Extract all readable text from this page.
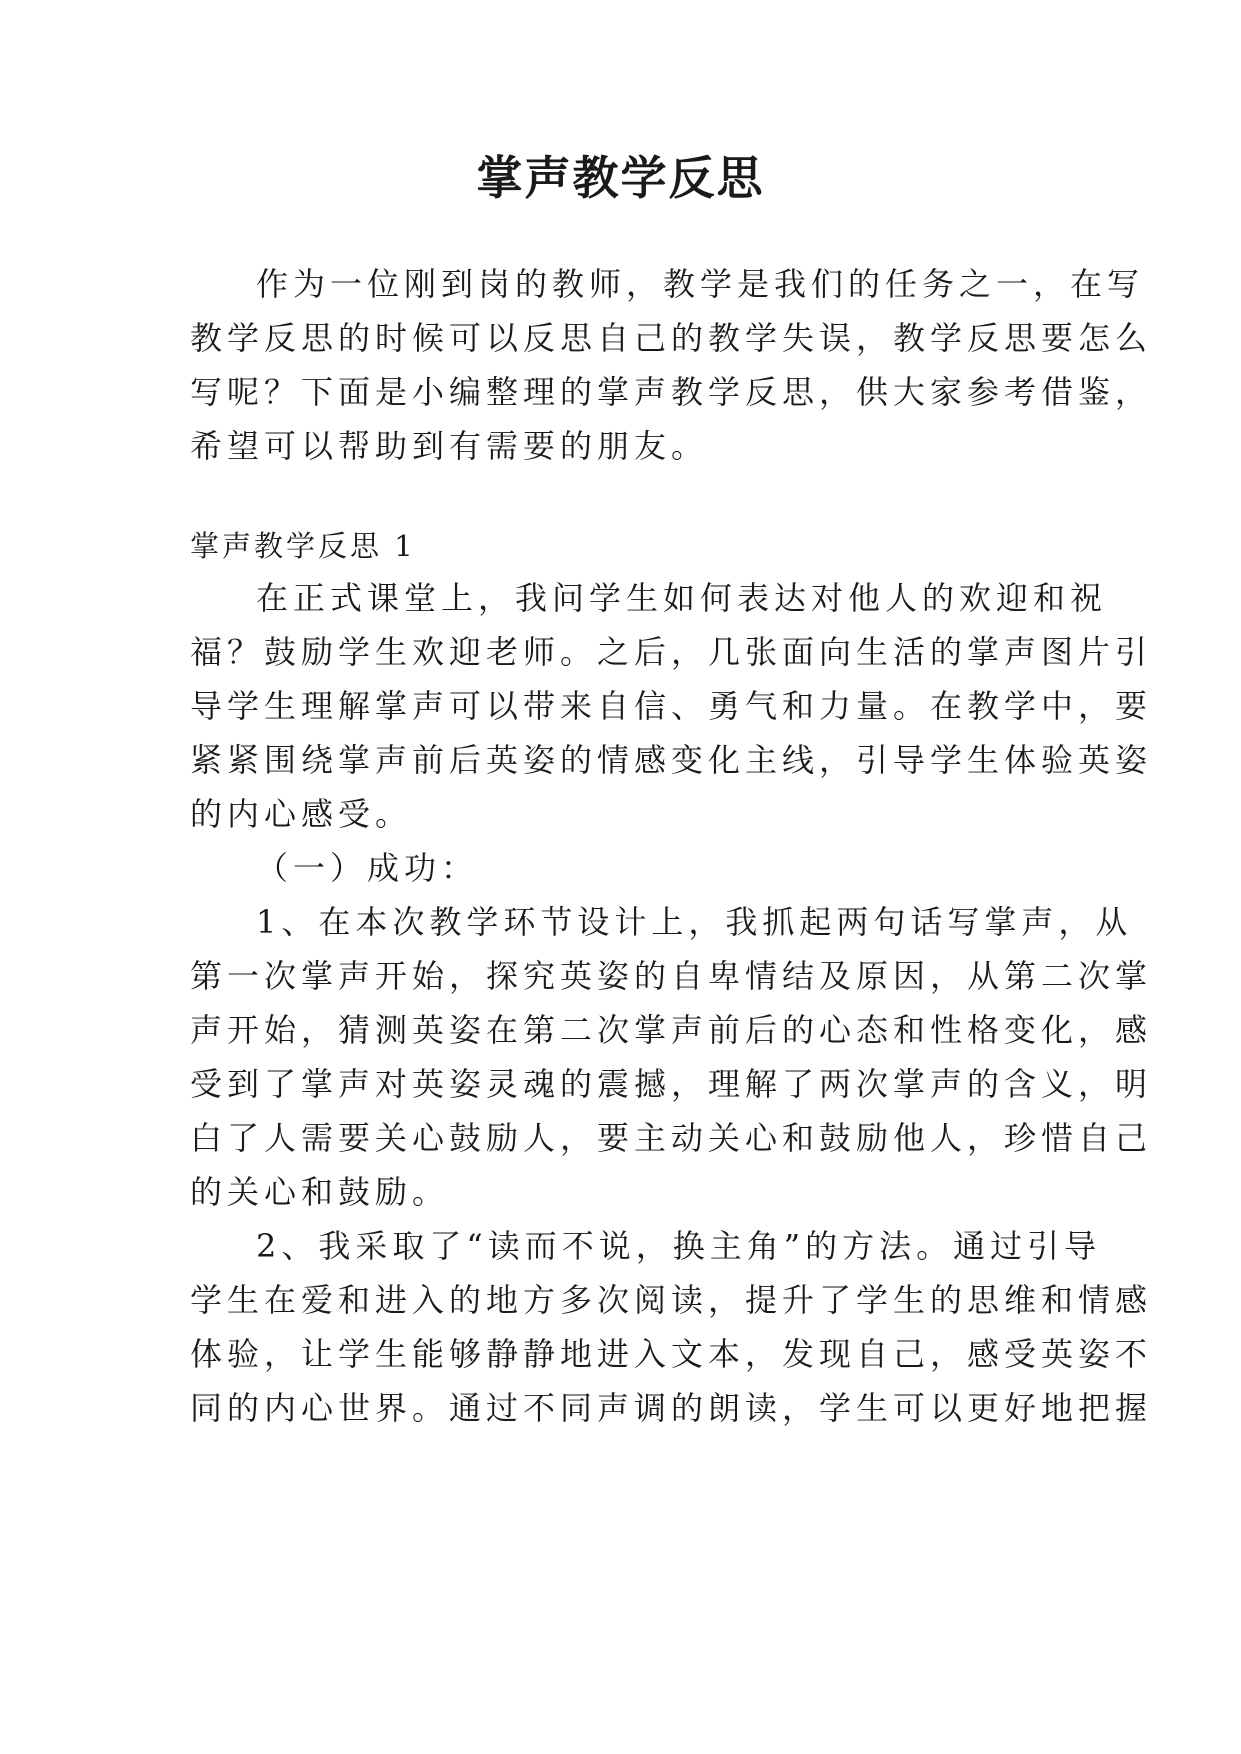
掌声教学反思

作为一位刚到岗的教师，教学是我们的任务之一，在写

教学反思的时候可以反思自己的教学失误，教学反思要怎么

写呢？下面是小编整理的掌声教学反思，供大家参考借鉴，

希望可以帮助到有需要的朋友。

掌声教学反思 1

在正式课堂上，我问学生如何表达对他人的欢迎和祝

福？鼓励学生欢迎老师。之后，几张面向生活的掌声图片引

导学生理解掌声可以带来自信、勇气和力量。在教学中，要

紧紧围绕掌声前后英姿的情感变化主线，引导学生体验英姿

的内心感受。

（一）成功：

1、在本次教学环节设计上，我抓起两句话写掌声，从

第一次掌声开始，探究英姿的自卑情结及原因，从第二次掌

声开始，猜测英姿在第二次掌声前后的心态和性格变化，感

受到了掌声对英姿灵魂的震撼，理解了两次掌声的含义，明

白了人需要关心鼓励人，要主动关心和鼓励他人，珍惜自己

的关心和鼓励。

2、我采取了“读而不说，换主角”的方法。通过引导

学生在爱和进入的地方多次阅读，提升了学生的思维和情感

体验，让学生能够静静地进入文本，发现自己，感受英姿不

同的内心世界。通过不同声调的朗读，学生可以更好地把握
